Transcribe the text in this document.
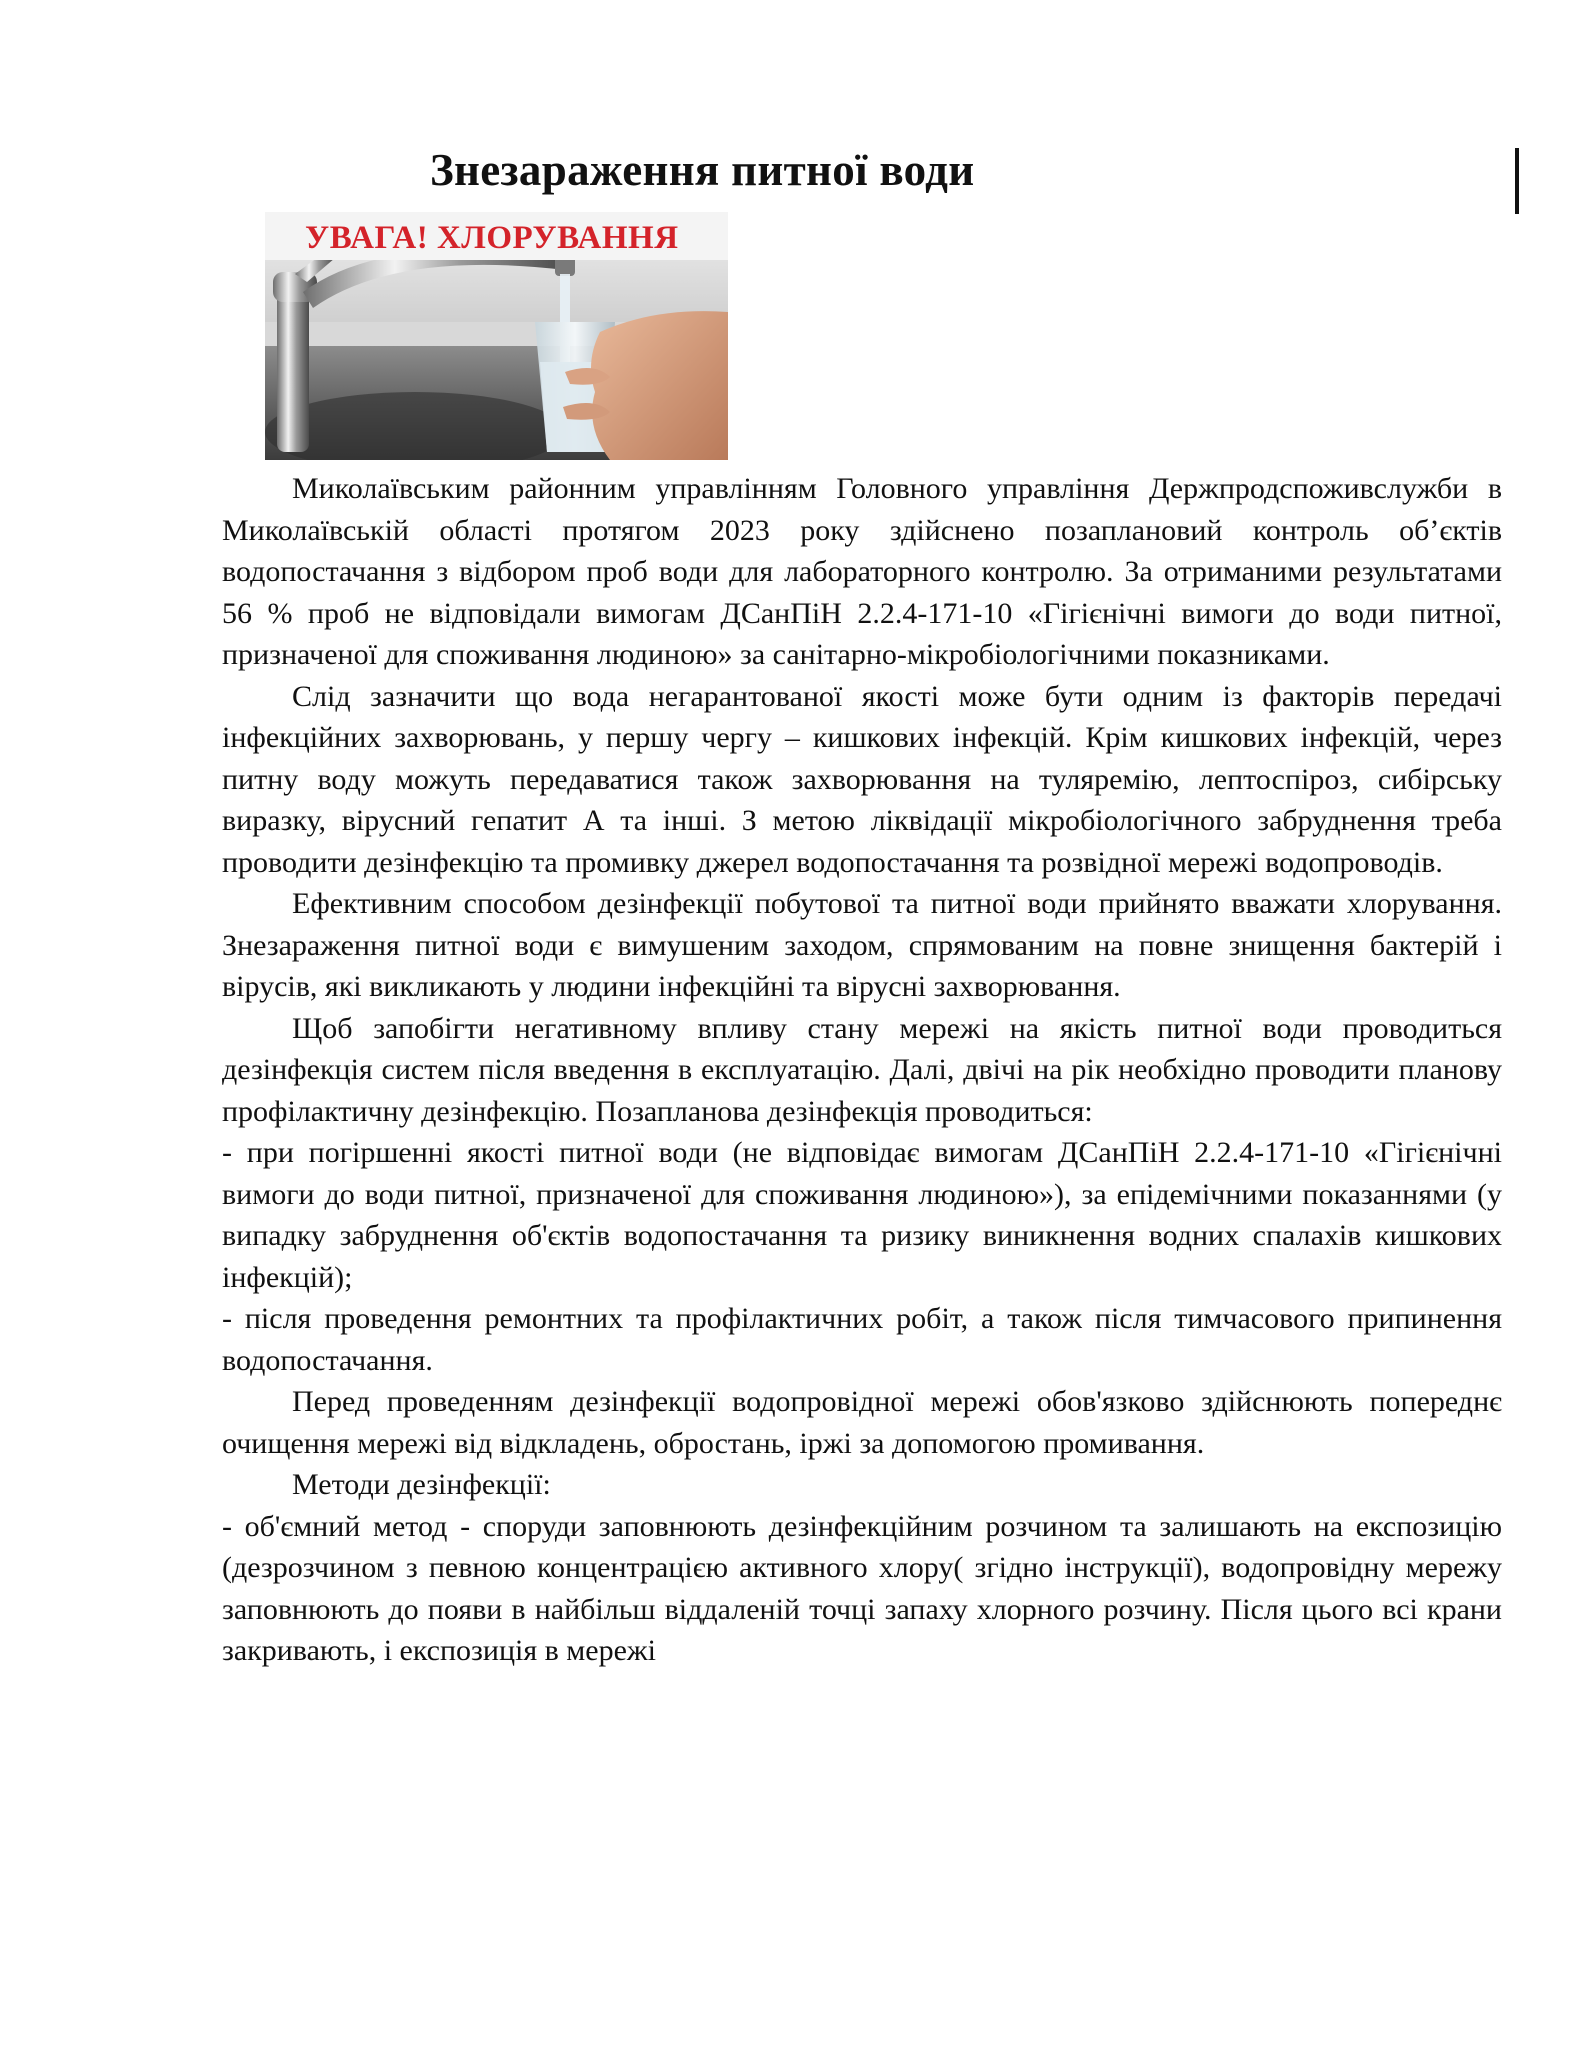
Знезараження питної води
УВАГА! ХЛОРУВАННЯ

Миколаївським районним управлінням Головного управління Держпродспоживслужби в Миколаївській області протягом 2023 року здійснено позаплановий контроль об’єктів водопостачання з відбором проб води для лабораторного контролю. За отриманими результатами 56 % проб не відповідали вимогам ДСанПіН 2.2.4-171-10 «Гігієнічні вимоги до води питної, призначеної для споживання людиною» за санітарно-мікробіологічними показниками.

Слід зазначити що вода негарантованої якості може бути одним із факторів передачі інфекційних захворювань, у першу чергу – кишкових інфекцій. Крім кишкових інфекцій, через питну воду можуть передаватися також захворювання на туляремію, лептоспіроз, сибірську виразку, вірусний гепатит А та інші. З метою ліквідації мікробіологічного забруднення треба проводити дезінфекцію та промивку джерел водопостачання та розвідної мережі водопроводів.

Ефективним способом дезінфекції побутової та питної води прийнято вважати хлорування. Знезараження питної води є вимушеним заходом, спрямованим на повне знищення бактерій і вірусів, які викликають у людини інфекційні та вірусні захворювання.

Щоб запобігти негативному впливу стану мережі на якість питної води проводиться дезінфекція систем після введення в експлуатацію. Далі, двічі на рік необхідно проводити планову профілактичну дезінфекцію. Позапланова дезінфекція проводиться:

- при погіршенні якості питної води (не відповідає вимогам ДСанПіН 2.2.4-171-10 «Гігієнічні вимоги до води питної, призначеної для споживання людиною»), за епідемічними показаннями (у випадку забруднення об'єктів водопостачання та ризику виникнення водних спалахів кишкових інфекцій);

- після проведення ремонтних та профілактичних робіт, а також після тимчасового припинення водопостачання.

Перед проведенням дезінфекції водопровідної мережі обов'язково здійснюють попереднє очищення мережі від відкладень, обростань, іржі за допомогою промивання.

Методи дезінфекції:

- об'ємний метод - споруди заповнюють дезінфекційним розчином та залишають на експозицію (дезрозчином з певною концентрацією активного хлору( згідно інструкції), водопровідну мережу заповнюють до появи в найбільш віддаленій точці запаху хлорного розчину. Після цього всі крани закривають, і експозиція в мережі
